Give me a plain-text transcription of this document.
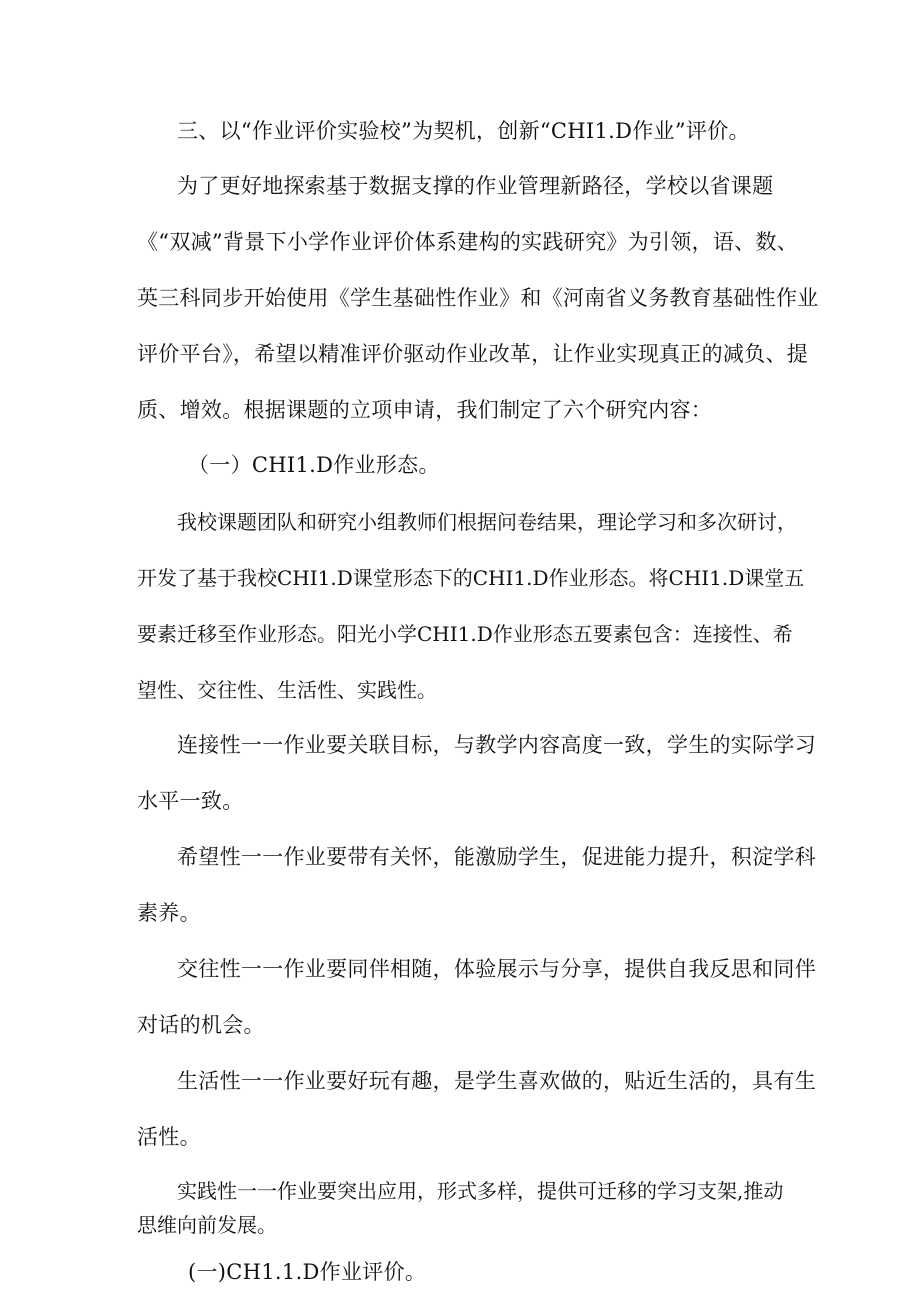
三、以“作业评价实验校”为契机，创新“CHI1.D作业”评价。
为了更好地探索基于数据支撑的作业管理新路径，学校以省课题
《“双减”背景下小学作业评价体系建构的实践研究》为引领，语、数、
英三科同步开始使用《学生基础性作业》和《河南省义务教育基础性作业
评价平台》，希望以精准评价驱动作业改革，让作业实现真正的减负、提
质、增效。根据课题的立项申请，我们制定了六个研究内容：
（一）CHI1.D作业形态。
我校课题团队和研究小组教师们根据问卷结果，理论学习和多次研讨，
开发了基于我校CHI1.D课堂形态下的CHI1.D作业形态。将CHI1.D课堂五
要素迁移至作业形态。阳光小学CHI1.D作业形态五要素包含：连接性、希
望性、交往性、生活性、实践性。
连接性一一作业要关联目标，与教学内容高度一致，学生的实际学习
水平一致。
希望性一一作业要带有关怀，能激励学生，促进能力提升，积淀学科
素养。
交往性一一作业要同伴相随，体验展示与分享，提供自我反思和同伴
对话的机会。
生活性一一作业要好玩有趣，是学生喜欢做的，贴近生活的，具有生
活性。
实践性一一作业要突出应用，形式多样，提供可迁移的学习支架,推动
思维向前发展。
(一)CH1.1.D作业评价。
